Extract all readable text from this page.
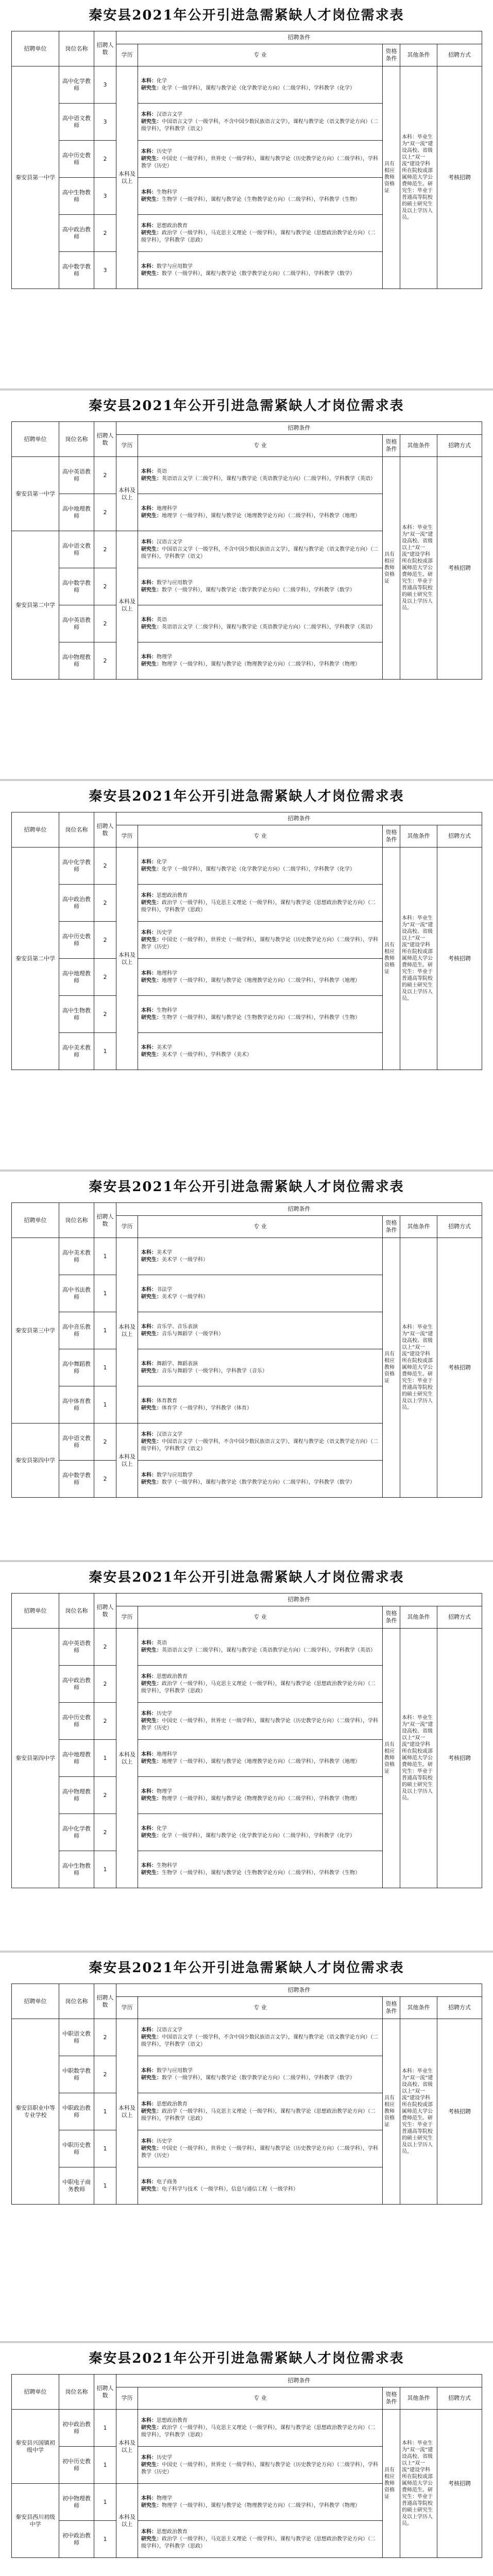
秦安县2021年公开引进急需紧缺人才岗位需求表
招聘单位	岗位名称	招聘人数	招聘条件				
			学历	专 业	资格条件	其他条件	招聘方式
秦安县第一中学	高中化学教师	3	本科及以上	本科：化学
研究生：化学（一级学科），课程与教学论（化学教学论方向）（二级学科），学科教学（化学）	具有相应教师资格证	本科：毕业生为“双一流”建设高校、省级以上“双一流”建设学科所在院校或部属师范大学公费师范生。研究生：毕业于普通高等院校的硕士研究生及以上学历人员。	考核招聘
	高中语文教师	3		本科：汉语言文学
研究生：中国语言文学（一级学科，不含中国少数民族语言文学），课程与教学论（语文教学论方向）（二级学科），学科教学（语文）			
	高中历史教师	2		本科：历史学
研究生：中国史（一级学科），世界史（一级学科），课程与教学论（历史教学论方向）（二级学科），学科教学（历史）			
	高中生物教师	3		本科：生物科学
研究生：生物学（一级学科），课程与教学论（生物教学论方向）（二级学科），学科教学（生物）			
	高中政治教师	2		本科：思想政治教育
研究生：政治学（一级学科），马克思主义理论（一级学科），课程与教学论（思想政治教学论方向）（二级学科），学科教学（思政）			
	高中数学教师	3		本科：数学与应用数学
研究生：数学（一级学科），课程与教学论（数学教学论方向）（二级学科），学科教学（数学）			
秦安县2021年公开引进急需紧缺人才岗位需求表
招聘单位	岗位名称	招聘人数	招聘条件				
			学历	专 业	资格条件	其他条件	招聘方式
秦安县第一中学	高中英语教师	2	本科及以上	本科：英语
研究生：英语语言文学（二级学科），课程与教学论（英语教学论方向）（二级学科），学科教学（英语）	具有相应教师资格证	本科：毕业生为“双一流”建设高校、省级以上“双一流”建设学科所在院校或部属师范大学公费师范生。研究生：毕业于普通高等院校的硕士研究生及以上学历人员。	考核招聘
	高中地理教师	2		本科：地理科学
研究生：地理学（一级学科），课程与教学论（地理教学论方向）（二级学科），学科教学（地理）			
秦安县第二中学	高中语文教师	2	本科及以上	本科：汉语言文学
研究生：中国语言文学（一级学科，不含中国少数民族语言文学），课程与教学论（语文教学论方向）（二级学科），学科教学（语文）			
	高中数学教师	2		本科：数学与应用数学
研究生：数学（一级学科），课程与教学论（数学教学论方向）（二级学科），学科教学（数学）			
	高中英语教师	2		本科：英语
研究生：英语语言文学（二级学科），课程与教学论（英语教学论方向）（二级学科），学科教学（英语）			
	高中物理教师	2		本科：物理学
研究生：物理学（一级学科），课程与教学论（物理教学论方向）（二级学科），学科教学（物理）			
秦安县2021年公开引进急需紧缺人才岗位需求表
招聘单位	岗位名称	招聘人数	招聘条件				
			学历	专 业	资格条件	其他条件	招聘方式
秦安县第二中学	高中化学教师	2	本科及以上	本科：化学
研究生：化学（一级学科），课程与教学论（化学教学论方向）（二级学科），学科教学（化学）	具有相应教师资格证	本科：毕业生为“双一流”建设高校、省级以上“双一流”建设学科所在院校或部属师范大学公费师范生。研究生：毕业于普通高等院校的硕士研究生及以上学历人员。	考核招聘
	高中政治教师	2		本科：思想政治教育
研究生：政治学（一级学科），马克思主义理论（一级学科），课程与教学论（思想政治教学论方向）（二级学科），学科教学（思政）			
	高中历史教师	2		本科：历史学
研究生：中国史（一级学科），世界史（一级学科），课程与教学论（历史教学论方向）（二级学科），学科教学（历史）			
	高中地理教师	2		本科：地理科学
研究生：地理学（一级学科），课程与教学论（地理教学论方向）（二级学科），学科教学（地理）			
	高中生物教师	2		本科：生物科学
研究生：生物学（一级学科），课程与教学论（生物教学论方向）（二级学科），学科教学（生物）			
	高中美术教师	1		本科：美术学
研究生：美术学（一级学科），学科教学（美术）			
秦安县2021年公开引进急需紧缺人才岗位需求表
招聘单位	岗位名称	招聘人数	招聘条件				
			学历	专 业	资格条件	其他条件	招聘方式
秦安县第三中学	高中美术教师	1	本科及以上	本科：美术学
研究生：美术学（一级学科）	具有相应教师资格证	本科：毕业生为“双一流”建设高校、省级以上“双一流”建设学科所在院校或部属师范大学公费师范生。研究生：毕业于普通高等院校的硕士研究生及以上学历人员。	考核招聘
	高中书法教师	1		本科：书法学
研究生：美术学（一级学科）			
	高中音乐教师	1		本科：音乐学、音乐表演
研究生：音乐与舞蹈学（一级学科）			
	高中舞蹈教师	1		本科：舞蹈学、舞蹈表演
研究生：音乐与舞蹈学（一级学科），学科教学（音乐）			
	高中体育教师	1		本科：体育教育
研究生：体育学（一级学科），学科教学（体育）			
秦安县第四中学	高中语文教师	2	本科及以上	本科：汉语言文学
研究生：中国语言文学（一级学科，不含中国少数民族语言文学），课程与教学论（语文教学论方向）（二级学科），学科教学（语文）			
	高中数学教师	2		本科：数学与应用数学
研究生：数学（一级学科），课程与教学论（数学教学论方向）（二级学科），学科教学（数学）			
秦安县2021年公开引进急需紧缺人才岗位需求表
招聘单位	岗位名称	招聘人数	招聘条件				
			学历	专 业	资格条件	其他条件	招聘方式
秦安县第四中学	高中英语教师	2	本科及以上	本科：英语
研究生：英语语言文学（二级学科），课程与教学论（英语教学论方向）（二级学科），学科教学（英语）	具有相应教师资格证	本科：毕业生为“双一流”建设高校、省级以上“双一流”建设学科所在院校或部属师范大学公费师范生。研究生：毕业于普通高等院校的硕士研究生及以上学历人员。	考核招聘
	高中政治教师	2		本科：思想政治教育
研究生：政治学（一级学科），马克思主义理论（一级学科），课程与教学论（思想政治教学论方向）（二级学科），学科教学（思政）			
	高中历史教师	2		本科：历史学
研究生：中国史（一级学科），世界史（一级学科），课程与教学论（历史教学论方向）（二级学科），学科教学（历史）			
	高中地理教师	1		本科：地理科学
研究生：地理学（一级学科），课程与教学论（地理教学论方向）（二级学科），学科教学（地理）			
	高中物理教师	2		本科：物理学
研究生：物理学（一级学科），课程与教学论（物理教学论方向）（二级学科），学科教学（物理）			
	高中化学教师	2		本科：化学
研究生：化学（一级学科），课程与教学论（化学教学论方向）（二级学科），学科教学（化学）			
	高中生物教师	1		本科：生物科学
研究生：生物学（一级学科），课程与教学论（生物教学论方向）（二级学科），学科教学（生物）			
秦安县2021年公开引进急需紧缺人才岗位需求表
招聘单位	岗位名称	招聘人数	招聘条件				
			学历	专 业	资格条件	其他条件	招聘方式
秦安县职业中等专业学校	中职语文教师	2	本科及以上	本科：汉语言文学
研究生：中国语言文学（一级学科，不含中国少数民族语言文学），课程与教学论（语文教学论方向）（二级学科），学科教学（语文）	具有相应教师资格证	本科：毕业生为“双一流”建设高校、省级以上“双一流”建设学科所在院校或部属师范大学公费师范生。研究生：毕业于普通高等院校的硕士研究生及以上学历人员。	考核招聘
	中职数学教师	2		本科：数学与应用数学
研究生：数学（一级学科），课程与教学论（数学教学论方向）（二级学科），学科教学（数学）			
	中职政治教师	1		本科：思想政治教育
研究生：政治学（一级学科），马克思主义理论（一级学科），课程与教学论（思想政治教学论方向）（二级学科），学科教学（思政）			
	中职历史教师	1		本科：历史学
研究生：中国史（一级学科），世界史（一级学科），课程与教学论（历史教学论方向）（二级学科），学科教学（历史）			
	中职电子商务教师	1		本科：电子商务
研究生：电子科学与技术（一级学科），信息与通信工程（一级学科）			
秦安县2021年公开引进急需紧缺人才岗位需求表
招聘单位	岗位名称	招聘人数	招聘条件				
			学历	专 业	资格条件	其他条件	招聘方式
秦安县兴国镇初级中学	初中政治教师	1	本科及以上	本科：思想政治教育
研究生：政治学（一级学科），马克思主义理论（一级学科），课程与教学论（思想政治教学论方向）（二级学科），学科教学（思政）	具有相应教师资格证	本科：毕业生为“双一流”建设高校、省级以上“双一流”建设学科所在院校或部属师范大学公费师范生。研究生：毕业于普通高等院校的硕士研究生及以上学历人员。	考核招聘
	初中历史教师	1		本科：历史学
研究生：中国史（一级学科），世界史（一级学科），课程与教学论（历史教学论方向）（二级学科），学科教学（历史）			
秦安县西川初级中学	初中物理教师	1	本科及以上	本科：物理学
研究生：物理学（一级学科），课程与教学论（物理教学论方向）（二级学科），学科教学（物理）			
	初中政治教师	1		本科：思想政治教育
研究生：政治学（一级学科），马克思主义理论（一级学科），课程与教学论（思想政治教学论方向）（二级学科），学科教学（思政）			
